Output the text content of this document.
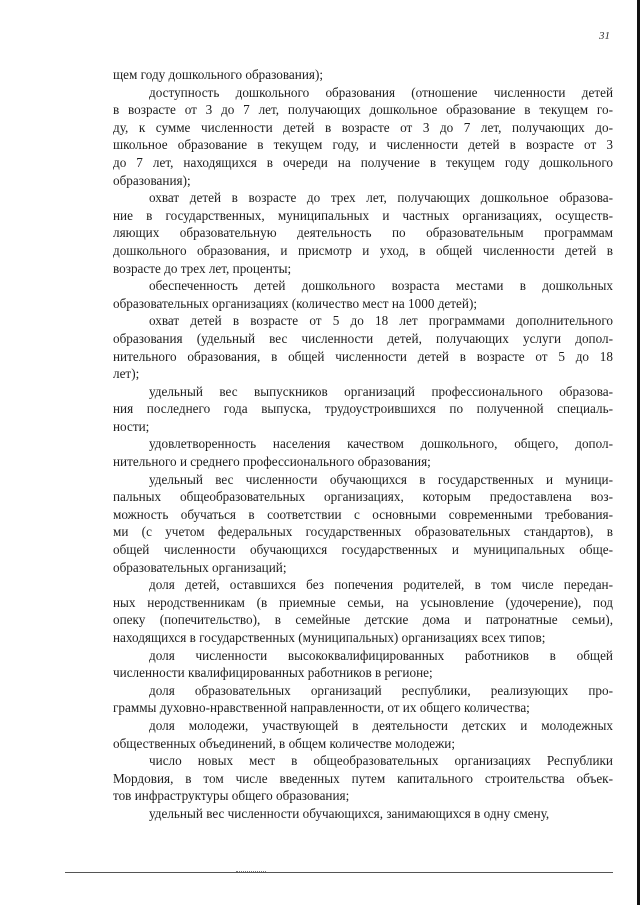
31
щем году дошкольного образования);
доступность дошкольного образования (отношение численности детей
в возрасте от 3 до 7 лет, получающих дошкольное образование в текущем го-
ду, к сумме численности детей в возрасте от 3 до 7 лет, получающих до-
школьное образование в текущем году, и численности детей в возрасте от 3
до 7 лет, находящихся в очереди на получение в текущем году дошкольного
образования);
охват детей в возрасте до трех лет, получающих дошкольное образова-
ние в государственных, муниципальных и частных организациях, осуществ-
ляющих образовательную деятельность по образовательным программам
дошкольного образования, и присмотр и уход, в общей численности детей в
возрасте до трех лет, проценты;
обеспеченность детей дошкольного возраста местами в дошкольных
образовательных организациях (количество мест на 1000 детей);
охват детей в возрасте от 5 до 18 лет программами дополнительного
образования (удельный вес численности детей, получающих услуги допол-
нительного образования, в общей численности детей в возрасте от 5 до 18
лет);
удельный вес выпускников организаций профессионального образова-
ния последнего года выпуска, трудоустроившихся по полученной специаль-
ности;
удовлетворенность населения качеством дошкольного, общего, допол-
нительного и среднего профессионального образования;
удельный вес численности обучающихся в государственных и муници-
пальных общеобразовательных организациях, которым предоставлена воз-
можность обучаться в соответствии с основными современными требования-
ми (с учетом федеральных государственных образовательных стандартов), в
общей численности обучающихся государственных и муниципальных обще-
образовательных организаций;
доля детей, оставшихся без попечения родителей, в том числе передан-
ных неродственникам (в приемные семьи, на усыновление (удочерение), под
опеку (попечительство), в семейные детские дома и патронатные семьи),
находящихся в государственных (муниципальных) организациях всех типов;
доля численности высококвалифицированных работников в общей
численности квалифицированных работников в регионе;
доля образовательных организаций республики, реализующих про-
граммы духовно-нравственной направленности, от их общего количества;
доля молодежи, участвующей в деятельности детских и молодежных
общественных объединений, в общем количестве молодежи;
число новых мест в общеобразовательных организациях Республики
Мордовия, в том числе введенных путем капитального строительства объек-
тов инфраструктуры общего образования;
удельный вес численности обучающихся, занимающихся в одну смену,
